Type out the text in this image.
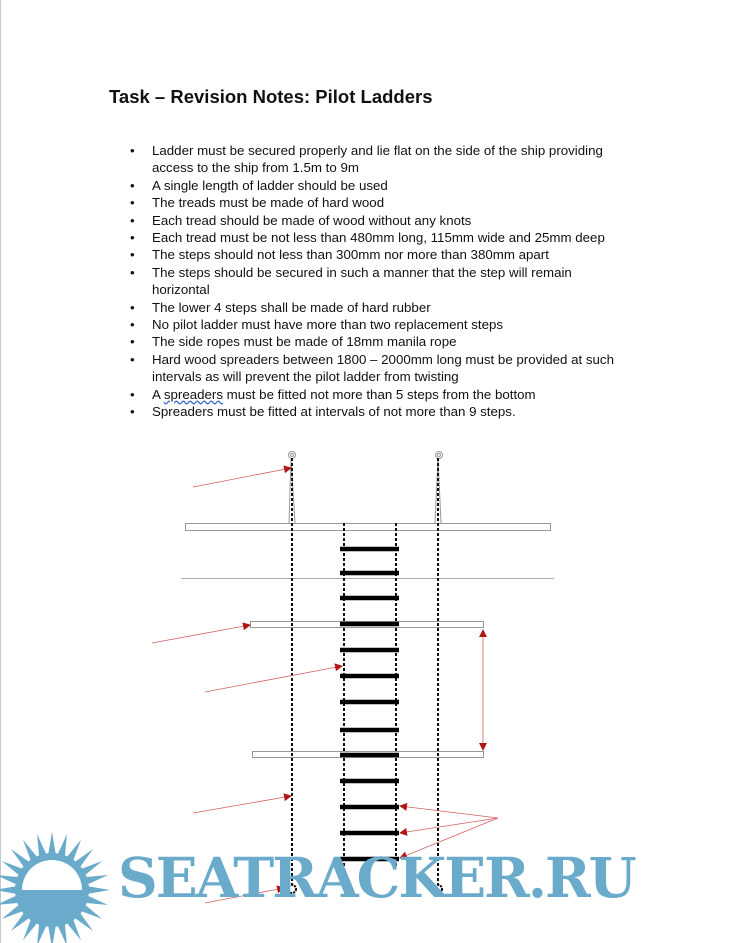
Task – Revision Notes: Pilot Ladders
• Ladder must be secured properly and lie flat on the side of the ship providing access to the ship from 1.5m to 9m
• A single length of ladder should be used
• The treads must be made of hard wood
• Each tread should be made of wood without any knots
• Each tread must be not less than 480mm long, 115mm wide and 25mm deep
• The steps should not less than 300mm nor more than 380mm apart
• The steps should be secured in such a manner that the step will remain horizontal
• The lower 4 steps shall be made of hard rubber
• No pilot ladder must have more than two replacement steps
• The side ropes must be made of 18mm manila rope
• Hard wood spreaders between 1800 – 2000mm long must be provided at such intervals as will prevent the pilot ladder from twisting
• A spreaders must be fitted not more than 5 steps from the bottom
• Spreaders must be fitted at intervals of not more than 9 steps.
SEATRACKER.RU
